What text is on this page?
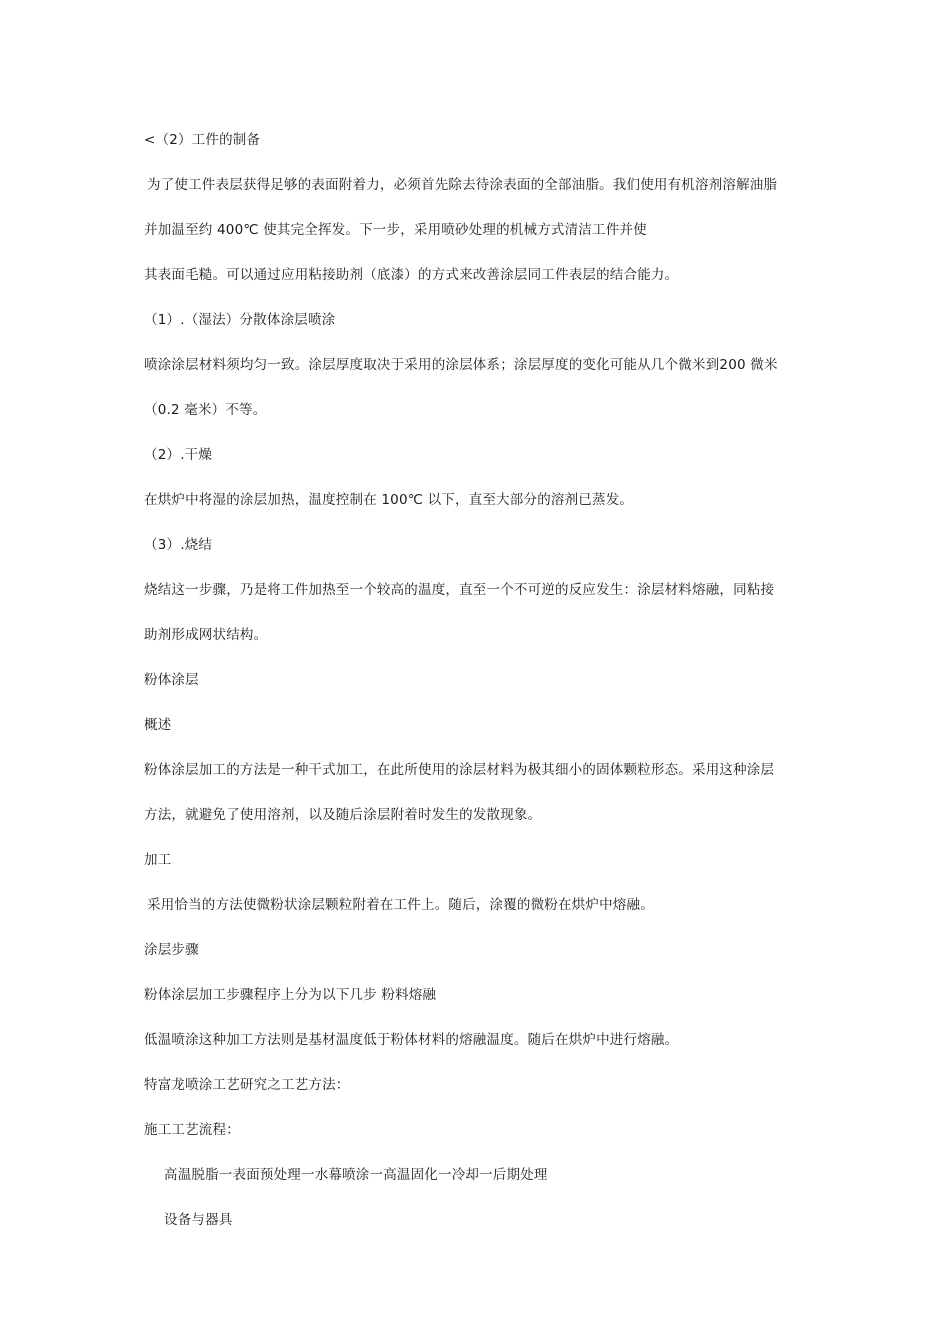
<（2）工件的制备
为了使工件表层获得足够的表面附着力，必须首先除去待涂表面的全部油脂。我们使用有机溶剂溶解油脂
并加温至约 400℃ 使其完全挥发。下一步，采用喷砂处理的机械方式清洁工件并使
其表面毛糙。可以通过应用粘接助剂（底漆）的方式来改善涂层同工件表层的结合能力。
（1）.（湿法）分散体涂层喷涂
喷涂涂层材料须均匀一致。涂层厚度取决于采用的涂层体系；涂层厚度的变化可能从几个微米到200 微米
（0.2 毫米）不等。
（2）.干燥
在烘炉中将湿的涂层加热，温度控制在 100℃ 以下，直至大部分的溶剂已蒸发。
（3）.烧结
烧结这一步骤，乃是将工件加热至一个较高的温度，直至一个不可逆的反应发生：涂层材料熔融，同粘接
助剂形成网状结构。
粉体涂层
概述
粉体涂层加工的方法是一种干式加工，在此所使用的涂层材料为极其细小的固体颗粒形态。采用这种涂层
方法，就避免了使用溶剂，以及随后涂层附着时发生的发散现象。
加工
采用恰当的方法使微粉状涂层颗粒附着在工件上。随后，涂覆的微粉在烘炉中熔融。
涂层步骤
粉体涂层加工步骤程序上分为以下几步 粉料熔融
低温喷涂这种加工方法则是基材温度低于粉体材料的熔融温度。随后在烘炉中进行熔融。
特富龙喷涂工艺研究之工艺方法：
施工工艺流程：
高温脱脂一表面预处理一水幕喷涂一高温固化一冷却一后期处理
设备与器具
